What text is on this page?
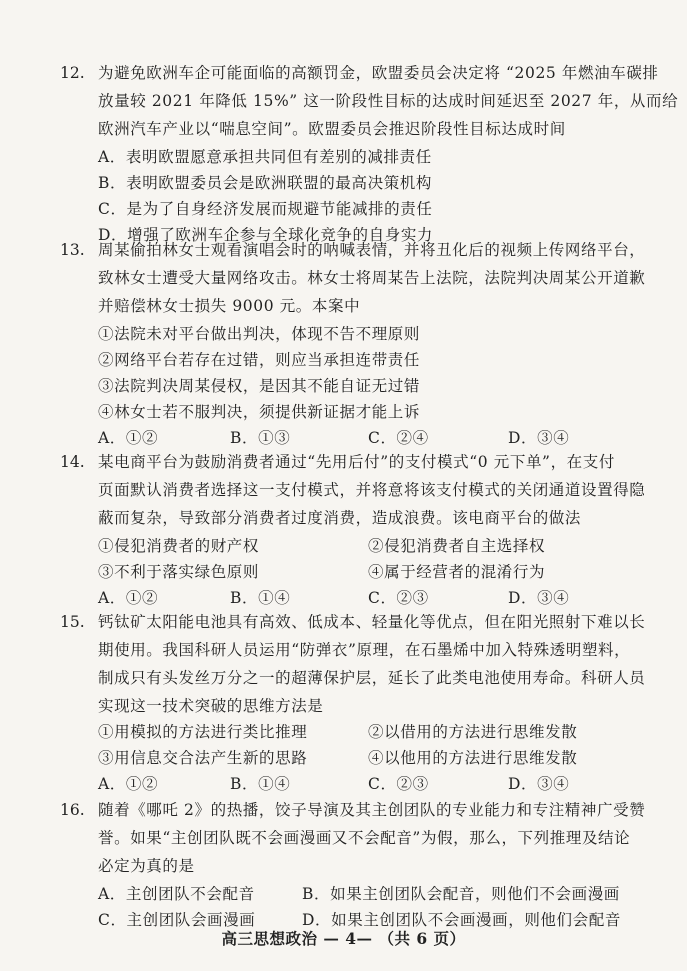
12. 为避免欧洲车企可能面临的高额罚金，欧盟委员会决定将 “2025 年燃油车碳排
放量较 2021 年降低 15%” 这一阶段性目标的达成时间延迟至 2027 年，从而给
欧洲汽车产业以“喘息空间”。欧盟委员会推迟阶段性目标达成时间
A．表明欧盟愿意承担共同但有差别的减排责任
B．表明欧盟委员会是欧洲联盟的最高决策机构
C．是为了自身经济发展而规避节能减排的责任
D．增强了欧洲车企参与全球化竞争的自身实力
13. 周某偷拍林女士观看演唱会时的呐喊表情，并将丑化后的视频上传网络平台，
致林女士遭受大量网络攻击。林女士将周某告上法院，法院判决周某公开道歉
并赔偿林女士损失 9000 元。本案中
①法院未对平台做出判决，体现不告不理原则
②网络平台若存在过错，则应当承担连带责任
③法院判决周某侵权，是因其不能自证无过错
④林女士若不服判决，须提供新证据才能上诉
A．①②	B．①③	C．②④	D．③④
14. 某电商平台为鼓励消费者通过“先用后付”的支付模式“0 元下单”，在支付
页面默认消费者选择这一支付模式，并将意将该支付模式的关闭通道设置得隐
蔽而复杂，导致部分消费者过度消费，造成浪费。该电商平台的做法
①侵犯消费者的财产权	②侵犯消费者自主选择权
③不利于落实绿色原则	④属于经营者的混淆行为
A．①②	B．①④	C．②③	D．③④
15. 钙钛矿太阳能电池具有高效、低成本、轻量化等优点，但在阳光照射下难以长
期使用。我国科研人员运用“防弹衣”原理，在石墨烯中加入特殊透明塑料，
制成只有头发丝万分之一的超薄保护层，延长了此类电池使用寿命。科研人员
实现这一技术突破的思维方法是
①用模拟的方法进行类比推理	②以借用的方法进行思维发散
③用信息交合法产生新的思路	④以他用的方法进行思维发散
A．①②	B．①④	C．②③	D．③④
16. 随着《哪吒 2》的热播，饺子导演及其主创团队的专业能力和专注精神广受赞
誉。如果“主创团队既不会画漫画又不会配音”为假，那么，下列推理及结论
必定为真的是
A．主创团队不会配音	B．如果主创团队会配音，则他们不会画漫画
C．主创团队会画漫画	D．如果主创团队不会画漫画，则他们会配音
高三思想政治 — 4— （共 6 页）
